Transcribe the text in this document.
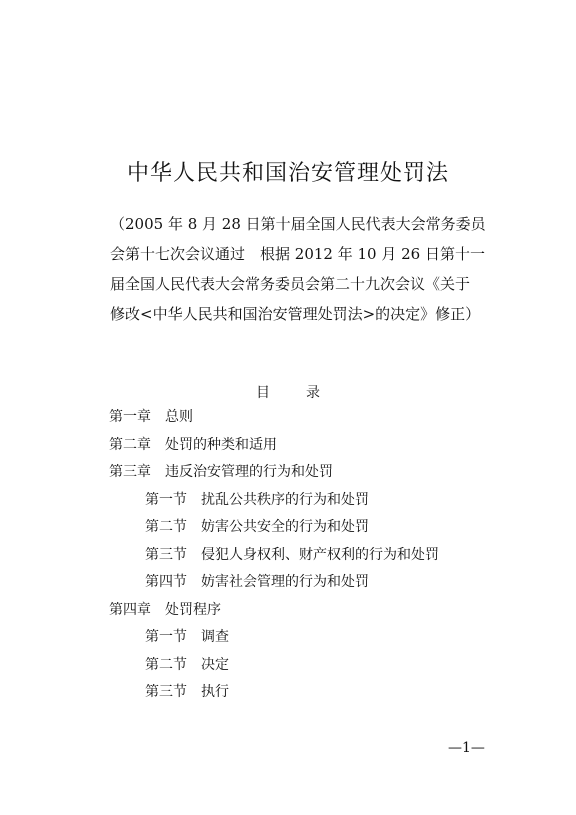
中华人民共和国治安管理处罚法
（2005 年 8 月 28 日第十届全国人民代表大会常务委员
会第十七次会议通过　根据 2012 年 10 月 26 日第十一
届全国人民代表大会常务委员会第二十九次会议《关于
修改<中华人民共和国治安管理处罚法>的决定》修正）
目	录
第一章 总则
第二章 处罚的种类和适用
第三章 违反治安管理的行为和处罚
第一节 扰乱公共秩序的行为和处罚
第二节 妨害公共安全的行为和处罚
第三节 侵犯人身权利、财产权利的行为和处罚
第四节 妨害社会管理的行为和处罚
第四章 处罚程序
第一节 调查
第二节 决定
第三节 执行
—1—
